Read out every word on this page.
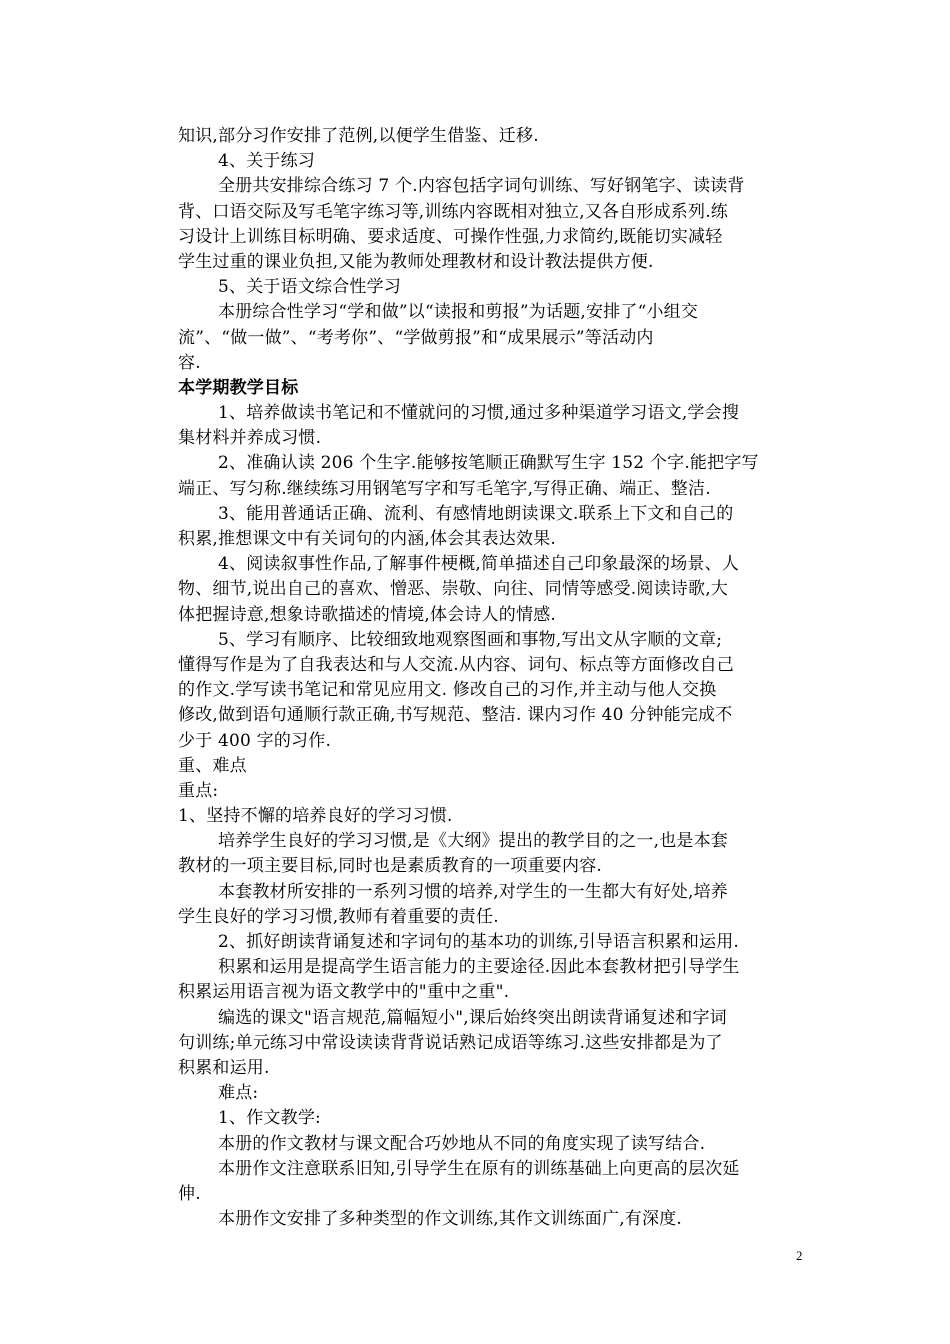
知识,部分习作安排了范例,以便学生借鉴、迁移.
4、关于练习
全册共安排综合练习 7 个.内容包括字词句训练、写好钢笔字、读读背
背、口语交际及写毛笔字练习等,训练内容既相对独立,又各自形成系列.练
习设计上训练目标明确、要求适度、可操作性强,力求简约,既能切实减轻
学生过重的课业负担,又能为教师处理教材和设计教法提供方便.
5、关于语文综合性学习
本册综合性学习“学和做”以“读报和剪报”为话题,安排了“小组交
流”、“做一做”、“考考你”、“学做剪报”和“成果展示”等活动内
容.
本学期教学目标
1、培养做读书笔记和不懂就问的习惯,通过多种渠道学习语文,学会搜
集材料并养成习惯.
2、准确认读 206 个生字.能够按笔顺正确默写生字 152 个字.能把字写
端正、写匀称.继续练习用钢笔写字和写毛笔字,写得正确、端正、整洁.
3、能用普通话正确、流利、有感情地朗读课文.联系上下文和自己的
积累,推想课文中有关词句的内涵,体会其表达效果.
4、阅读叙事性作品,了解事件梗概,简单描述自己印象最深的场景、人
物、细节,说出自己的喜欢、憎恶、崇敬、向往、同情等感受.阅读诗歌,大
体把握诗意,想象诗歌描述的情境,体会诗人的情感.
5、学习有顺序、比较细致地观察图画和事物,写出文从字顺的文章;
懂得写作是为了自我表达和与人交流.从内容、词句、标点等方面修改自己
的作文.学写读书笔记和常见应用文. 修改自己的习作,并主动与他人交换
修改,做到语句通顺行款正确,书写规范、整洁. 课内习作 40 分钟能完成不
少于 400 字的习作.
重、难点
重点:
1、坚持不懈的培养良好的学习习惯.
培养学生良好的学习习惯,是《大纲》提出的教学目的之一,也是本套
教材的一项主要目标,同时也是素质教育的一项重要内容.
本套教材所安排的一系列习惯的培养,对学生的一生都大有好处,培养
学生良好的学习习惯,教师有着重要的责任.
2、抓好朗读背诵复述和字词句的基本功的训练,引导语言积累和运用.
积累和运用是提高学生语言能力的主要途径.因此本套教材把引导学生
积累运用语言视为语文教学中的"重中之重".
编选的课文"语言规范,篇幅短小",课后始终突出朗读背诵复述和字词
句训练;单元练习中常设读读背背说话熟记成语等练习.这些安排都是为了
积累和运用.
难点:
1、作文教学:
本册的作文教材与课文配合巧妙地从不同的角度实现了读写结合.
本册作文注意联系旧知,引导学生在原有的训练基础上向更高的层次延
伸.
本册作文安排了多种类型的作文训练,其作文训练面广,有深度.
2
